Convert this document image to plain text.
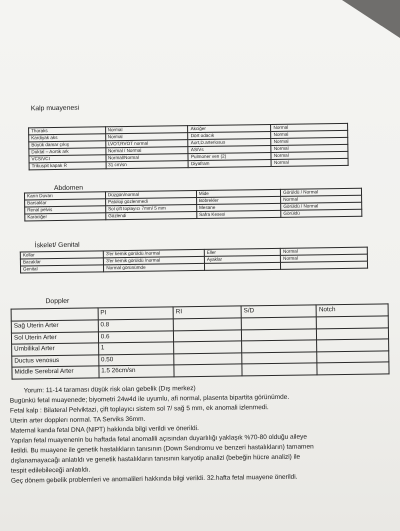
Kalp muayenesi
Thoraks	Normal	Akciğer	Normal
Kardiyak aks	Normal	Dört odacık	Normal
Büyük damar çıkış	LVOT,RVOT normal	Aort,D.arteriosus	Normal
Duktal – Aortik ark	Normal / Normal	AS/Vs	Normal
VCS/VCI	Normal/Normal	Pulmoner ven (2)	Normal
Trikuspit kapak R	31 cm/sn	Diyafram	Normal
Abdomen
Karın Duvarı	Düzgün/normal	Mide	Görüldü / Normal
Barsaklar	Patoloji gözlenmedi	Böbrekler	Normal
Renal pelvis	Sol çift toplayıcı 7mm/ 5 mm	Mesane	Görüldü / Normal
Karaciğer	Gözlendi	Safra Kesesi	Görüldü
İskelet/ Genital
Kollar	3'er kemik görüldü /normal	Eller	Normal
Bacaklar	3'er kemik görüldü /normal	Ayaklar	Normal
Genital	Normal görünümde		
Doppler
	PI	RI	S/D	Notch
Sağ Uterin Arter	0.8			
Sol Uterin Arter	0.6			
Umbilikal Arter	1			
Ductus venosus	0.50			
Middle Serebral Arter	1.5 26cm/sn			

Yorum: 11-14 taraması düşük risk olan gebelik (Dış merkez)

Bugünkü fetal muayenede; biyometri 24w4d ile uyumlu, afi normal, plasenta bipartita görünümde.

Fetal kalp : Bilateral Pelviktazi, çift toplayıcı sistem sol 7/ sağ 5 mm, ek anomali izlenmedi.

Uterin arter dopplerı normal. TA Serviks 36mm.

Maternal kanda fetal DNA (NIPT) hakkında bilgi verildi ve önerildi.

Yapılan fetal muayenenin bu haftada fetal anomalili açısından duyarlılığı yaklaşık %70-80 olduğu aileye

iletildi. Bu muayene ile genetik hastalıkların tanısının (Down Sendromu ve benzeri hastalıkların) tamamen

dışlanamayacağı anlatıldı ve genetik hastalıkların tanısının karyotip analizi (bebeğin hücre analizi) ile

tespit edilebileceği anlatıldı.

Geç dönem gebelik problemleri ve anomalileri hakkında bilgi verildi. 32.hafta fetal muayene önerildi.
